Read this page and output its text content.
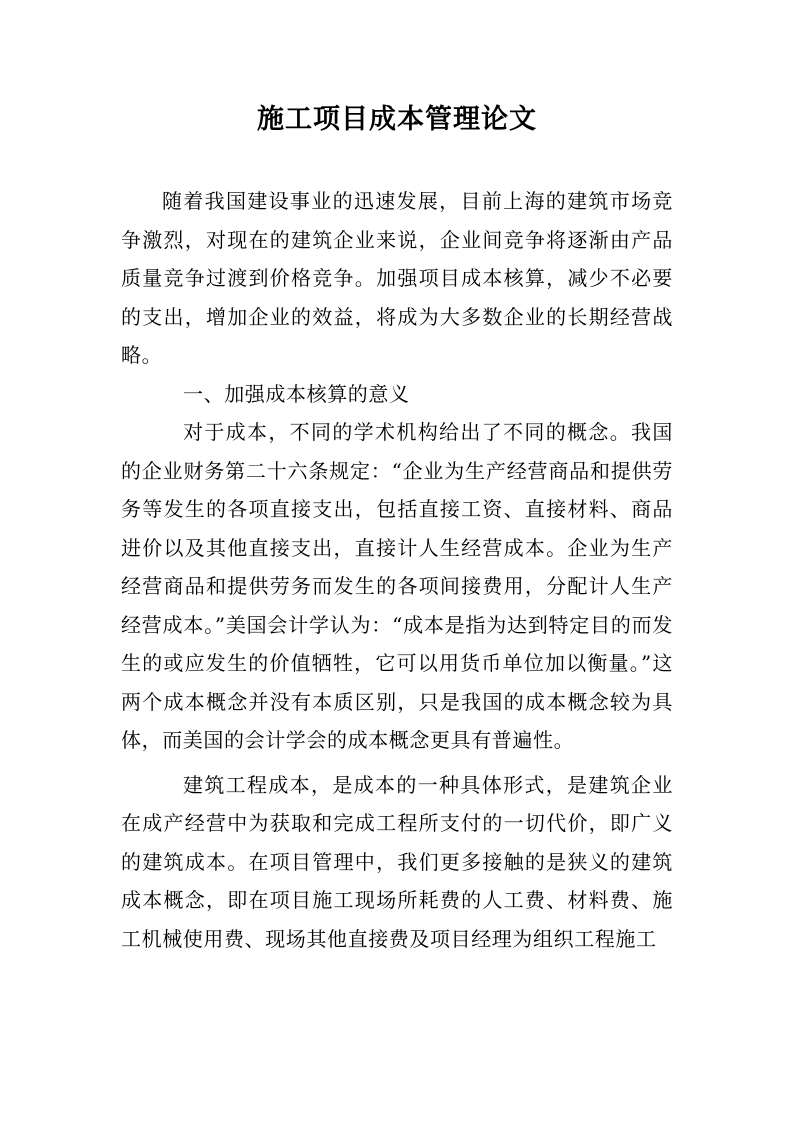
施工项目成本管理论文

随着我国建设事业的迅速发展，目前上海的建筑市场竞争激烈，对现在的建筑企业来说，企业间竞争将逐渐由产品质量竞争过渡到价格竞争。加强项目成本核算，减少不必要的支出，增加企业的效益，将成为大多数企业的长期经营战略。

一、加强成本核算的意义

对于成本，不同的学术机构给出了不同的概念。我国的企业财务第二十六条规定：“企业为生产经营商品和提供劳务等发生的各项直接支出，包括直接工资、直接材料、商品进价以及其他直接支出，直接计人生经营成本。企业为生产经营商品和提供劳务而发生的各项间接费用，分配计人生产经营成本。”美国会计学认为：“成本是指为达到特定目的而发生的或应发生的价值牺牲，它可以用货币单位加以衡量。”这两个成本概念并没有本质区别，只是我国的成本概念较为具体，而美国的会计学会的成本概念更具有普遍性。

建筑工程成本，是成本的一种具体形式，是建筑企业在成产经营中为获取和完成工程所支付的一切代价，即广义的建筑成本。在项目管理中，我们更多接触的是狭义的建筑成本概念，即在项目施工现场所耗费的人工费、材料费、施工机械使用费、现场其他直接费及项目经理为组织工程施工
